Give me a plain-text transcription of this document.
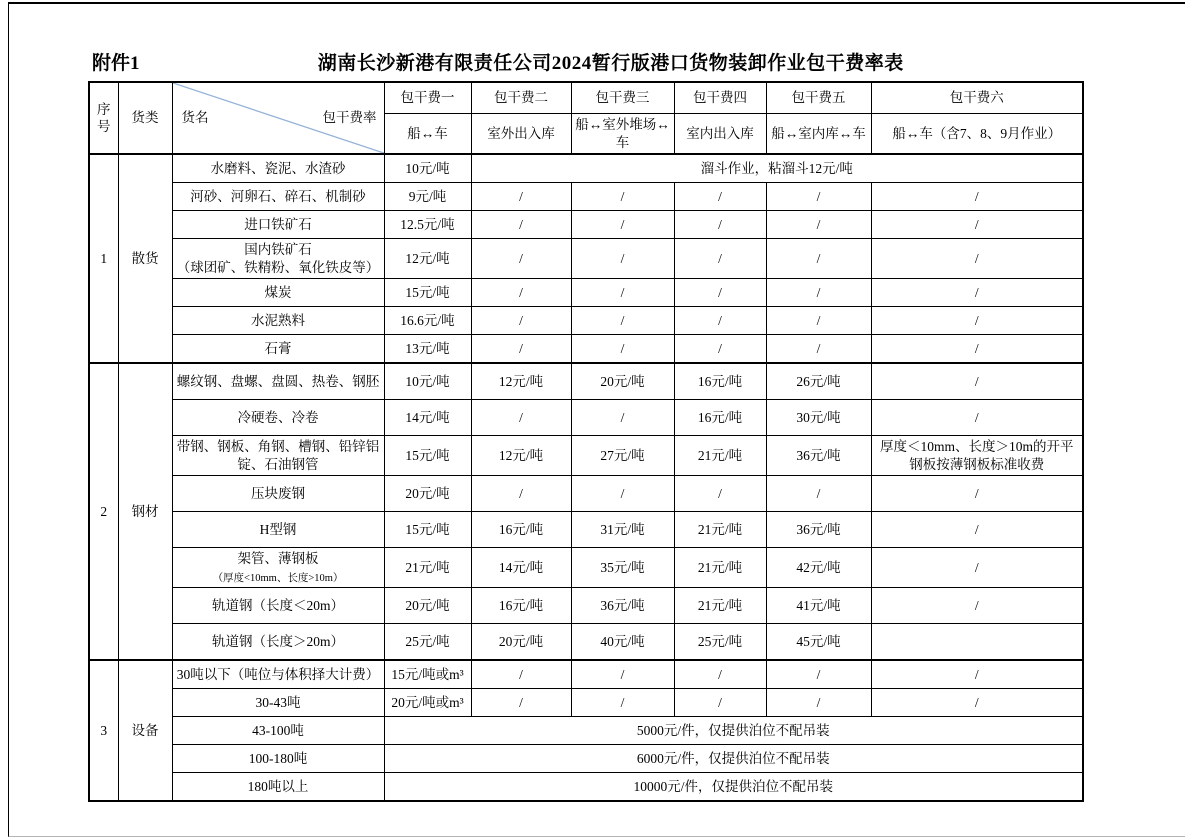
附件1	湖南长沙新港有限责任公司2024暂行版港口货物装卸作业包干费率表
序号	货类	货名 包干费率	包干费一	包干费二	包干费三	包干费四	包干费五	包干费六
			船↔车	室外出入库	船↔室外堆场↔车	室内出入库	船↔室内库↔车	船↔车（含7、8、9月作业）
1	散货	水磨料、瓷泥、水渣砂	10元/吨	溜斗作业，粘溜斗12元/吨				
		河砂、河卵石、碎石、机制砂	9元/吨	/	/	/	/	/
		进口铁矿石	12.5元/吨	/	/	/	/	/
		国内铁矿石
（球团矿、铁精粉、氧化铁皮等）	12元/吨	/	/	/	/	/
		煤炭	15元/吨	/	/	/	/	/
		水泥熟料	16.6元/吨	/	/	/	/	/
		石膏	13元/吨	/	/	/	/	/
2	钢材	螺纹钢、盘螺、盘圆、热卷、钢胚	10元/吨	12元/吨	20元/吨	16元/吨	26元/吨	/
		冷硬卷、冷卷	14元/吨	/	/	16元/吨	30元/吨	/
		带钢、钢板、角钢、槽钢、铅锌铝锭、石油钢管	15元/吨	12元/吨	27元/吨	21元/吨	36元/吨	厚度＜10mm、长度＞10m的开平钢板按薄钢板标准收费
		压块废钢	20元/吨	/	/	/	/	/
		H型钢	15元/吨	16元/吨	31元/吨	21元/吨	36元/吨	/
		架管、薄钢板（厚度<10mm、长度>10m）	21元/吨	14元/吨	35元/吨	21元/吨	42元/吨	/
		轨道钢（长度＜20m）	20元/吨	16元/吨	36元/吨	21元/吨	41元/吨	/
		轨道钢（长度＞20m）	25元/吨	20元/吨	40元/吨	25元/吨	45元/吨	
3	设备	30吨以下（吨位与体积择大计费）	15元/吨或m³	/	/	/	/	/
		30-43吨	20元/吨或m³	/	/	/	/	/
		43-100吨	5000元/件，仅提供泊位不配吊装					
		100-180吨	6000元/件，仅提供泊位不配吊装					
		180吨以上	10000元/件，仅提供泊位不配吊装					
